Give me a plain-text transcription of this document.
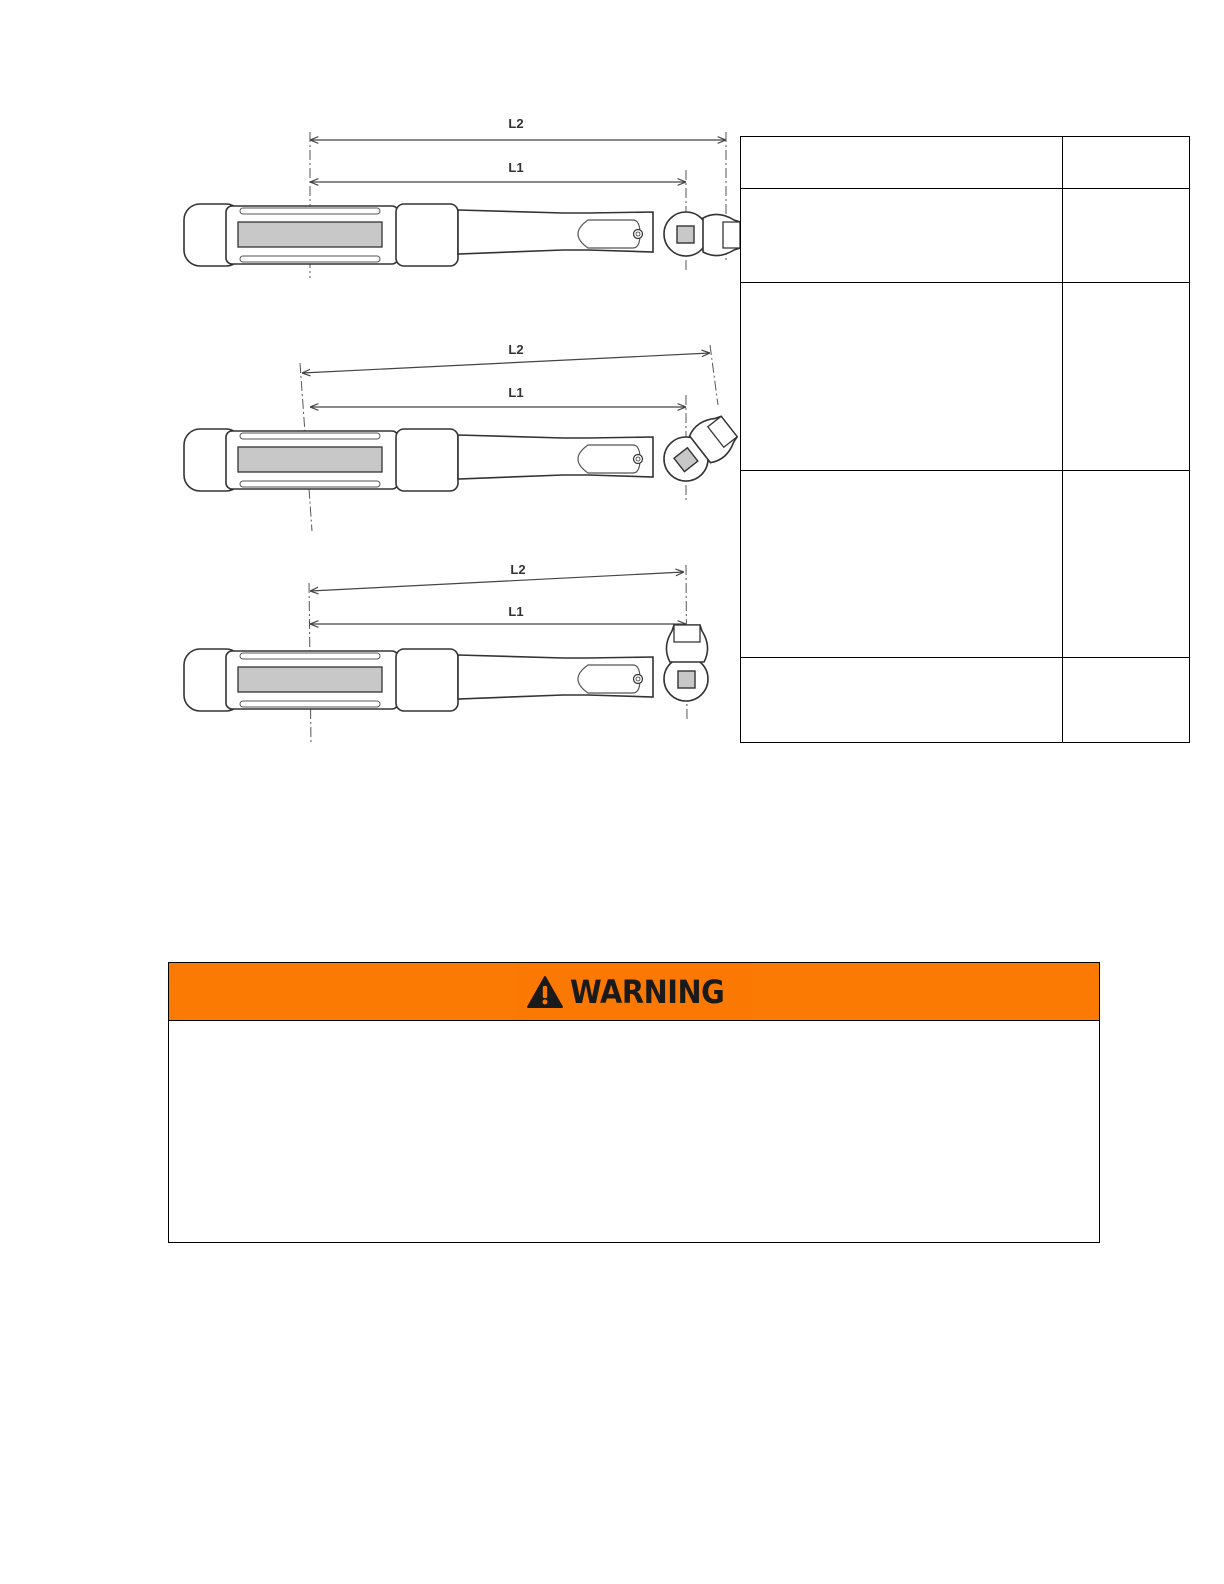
L2
L1
L2
L1
L2
L1

WARNING
